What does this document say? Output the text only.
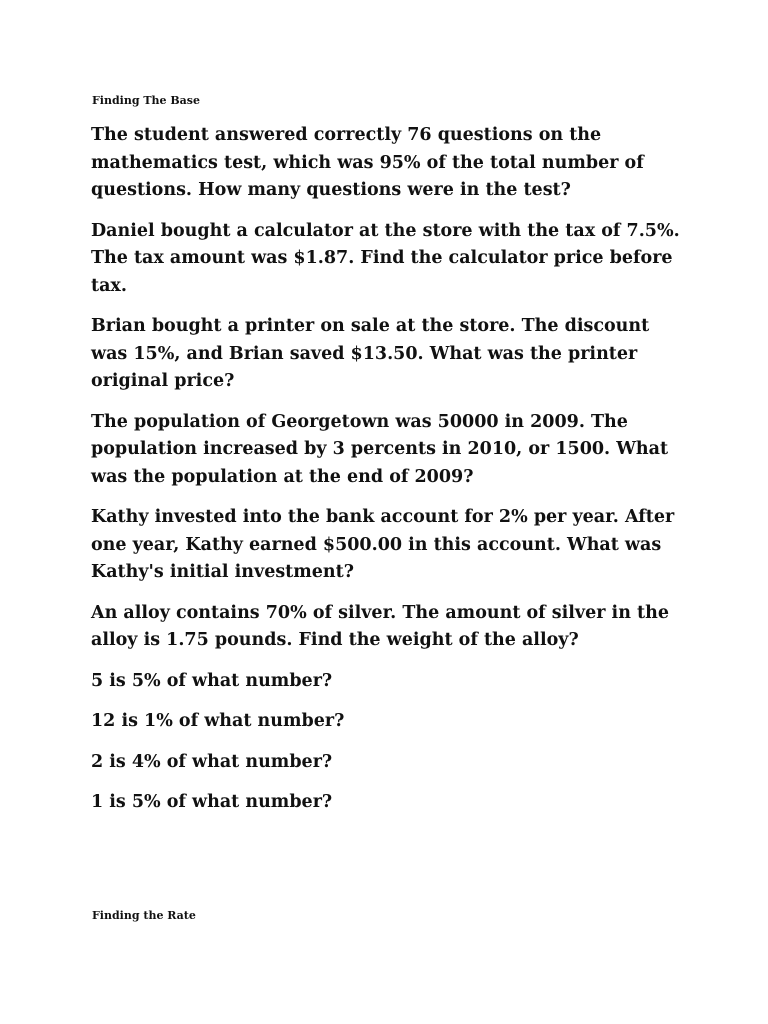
Finding The Base
The student answered correctly 76 questions on the mathematics test, which was 95% of the total number of questions. How many questions were in the test?
Daniel bought a calculator at the store with the tax of 7.5%. The tax amount was $1.87. Find the calculator price before tax.
Brian bought a printer on sale at the store. The discount was 15%, and Brian saved $13.50. What was the printer original price?
The population of Georgetown was 50000 in 2009. The population increased by 3 percents in 2010, or 1500. What was the population at the end of 2009?
Kathy invested into the bank account for 2% per year. After one year, Kathy earned $500.00 in this account. What was Kathy's initial investment?
An alloy contains 70% of silver. The amount of silver in the alloy is 1.75 pounds. Find the weight of the alloy?
5 is 5% of what number?
12 is 1% of what number?
2 is 4% of what number?
1 is 5% of what number?
Finding the Rate
